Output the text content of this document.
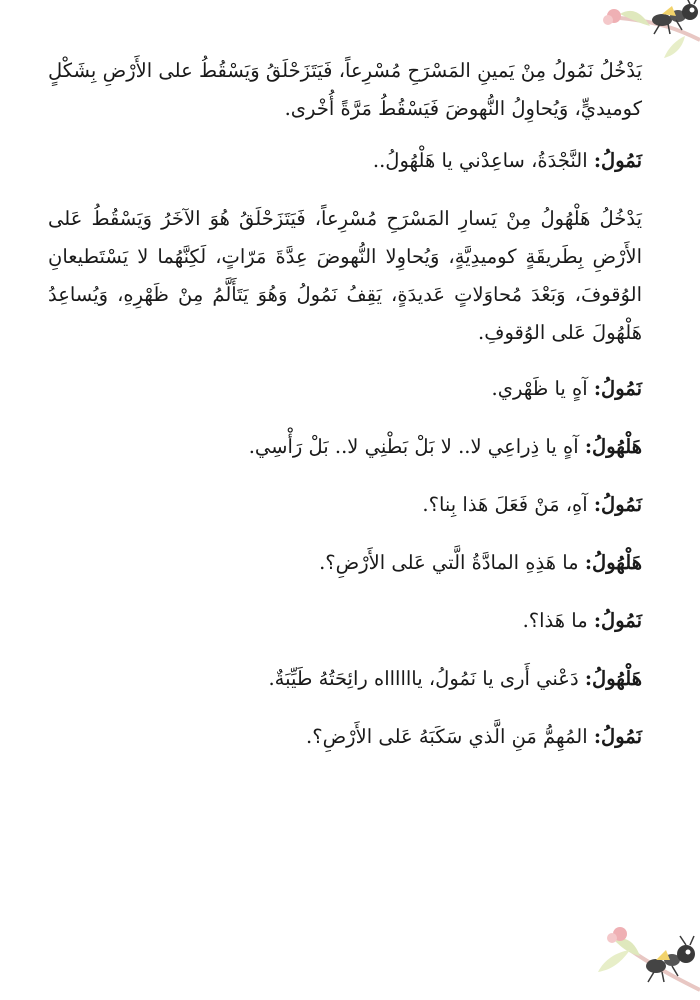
يَدْخُلُ نَمُولُ مِنْ يَمينِ المَسْرَحِ مُسْرِعاً، فَيَتَزَحْلَقُ وَيَسْقُطُ على الأَرْضِ بِشَكْلٍ كوميديٍّ، وَيُحاوِلُ النُّهوضَ فَيَسْقُطُ مَرَّةً أُخْرى.

نَمُولُ: النَّجْدَةُ، ساعِدْني يا هَلْهُولُ..

يَدْخُلُ هَلْهُولُ مِنْ يَسارِ المَسْرَحِ مُسْرِعاً، فَيَتَزَحْلَقُ هُوَ الآخَرُ وَيَسْقُطُ عَلى الأَرْضِ بِطَريقَةٍ كوميدِيَّةٍ، وَيُحاوِلا النُّهوضَ عِدَّةَ مَرّاتٍ، لَكِنَّهُما لا يَسْتَطيعانِ الوُقوفَ، وَبَعْدَ مُحاوَلاتٍ عَديدَةٍ، يَقِفُ نَمُولُ وَهُوَ يَتَأَلَّمُ مِنْ ظَهْرِهِ، وَيُساعِدُ هَلْهُولَ عَلى الوُقوفِ.

نَمُولُ: آهٍ يا ظَهْري.

هَلْهُولُ: آهٍ يا ذِراعِي لا.. لا بَلْ بَطْنِي لا.. بَلْ رَأْسِي.

نَمُولُ: آهِ، مَنْ فَعَلَ هَذا بِنا؟.

هَلْهُولُ: ما هَذِهِ المادَّةُ الَّتي عَلى الأَرْضِ؟.

نَمُولُ: ما هَذا؟.

هَلْهُولُ: دَعْني أَرى يا نَمُولُ، يااااااه رائِحَتُهُ طَيِّبَةٌ.

نَمُولُ: المُهِمُّ مَنِ الَّذي سَكَبَهُ عَلى الأَرْضِ؟.
